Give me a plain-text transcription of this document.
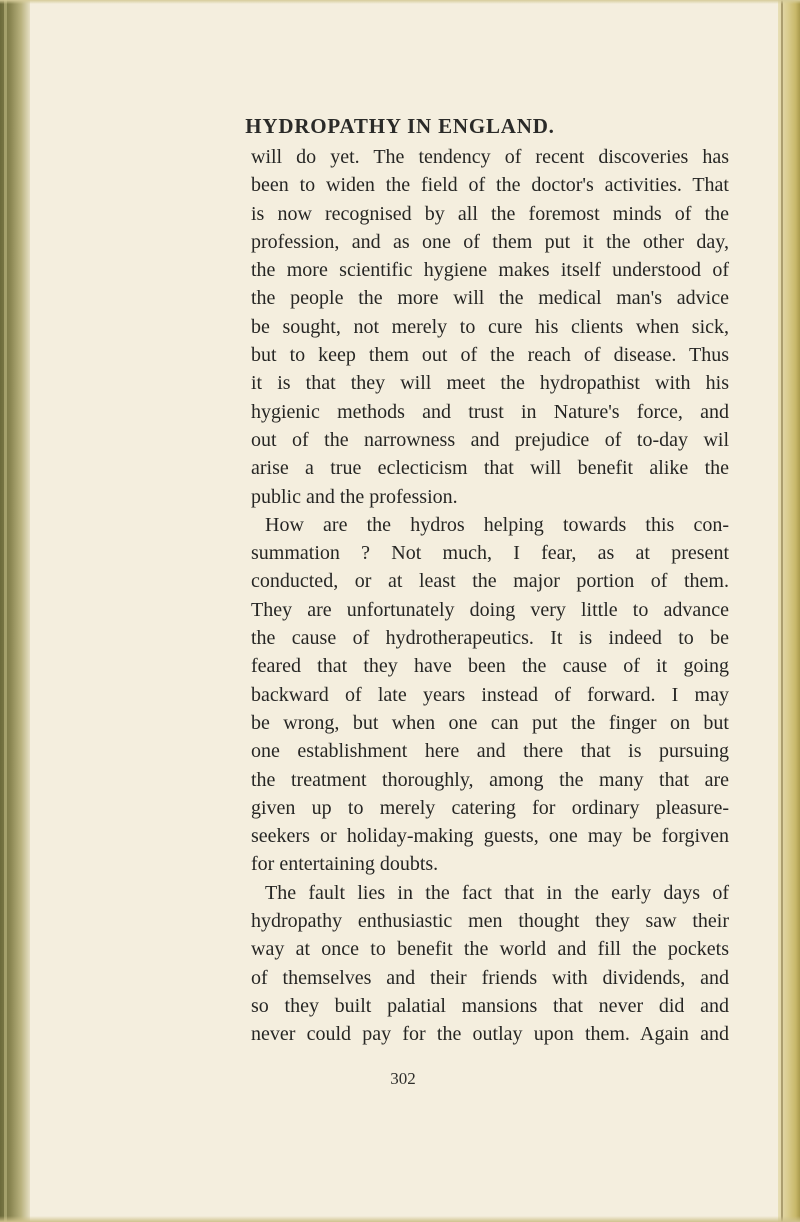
HYDROPATHY IN ENGLAND.
will do yet. The tendency of recent discoveries has
been to widen the field of the doctor's activities. That
is now recognised by all the foremost minds of the
profession, and as one of them put it the other day,
the more scientific hygiene makes itself understood of
the people the more will the medical man's advice
be sought, not merely to cure his clients when sick,
but to keep them out of the reach of disease. Thus
it is that they will meet the hydropathist with his
hygienic methods and trust in Nature's force, and
out of the narrowness and prejudice of to-day wil
arise a true eclecticism that will benefit alike the
public and the profession.
How are the hydros helping towards this con-
summation ? Not much, I fear, as at present
conducted, or at least the major portion of them.
They are unfortunately doing very little to advance
the cause of hydrotherapeutics. It is indeed to be
feared that they have been the cause of it going
backward of late years instead of forward. I may
be wrong, but when one can put the finger on but
one establishment here and there that is pursuing
the treatment thoroughly, among the many that are
given up to merely catering for ordinary pleasure-
seekers or holiday-making guests, one may be forgiven
for entertaining doubts.
The fault lies in the fact that in the early days of
hydropathy enthusiastic men thought they saw their
way at once to benefit the world and fill the pockets
of themselves and their friends with dividends, and
so they built palatial mansions that never did and
never could pay for the outlay upon them. Again and
302
